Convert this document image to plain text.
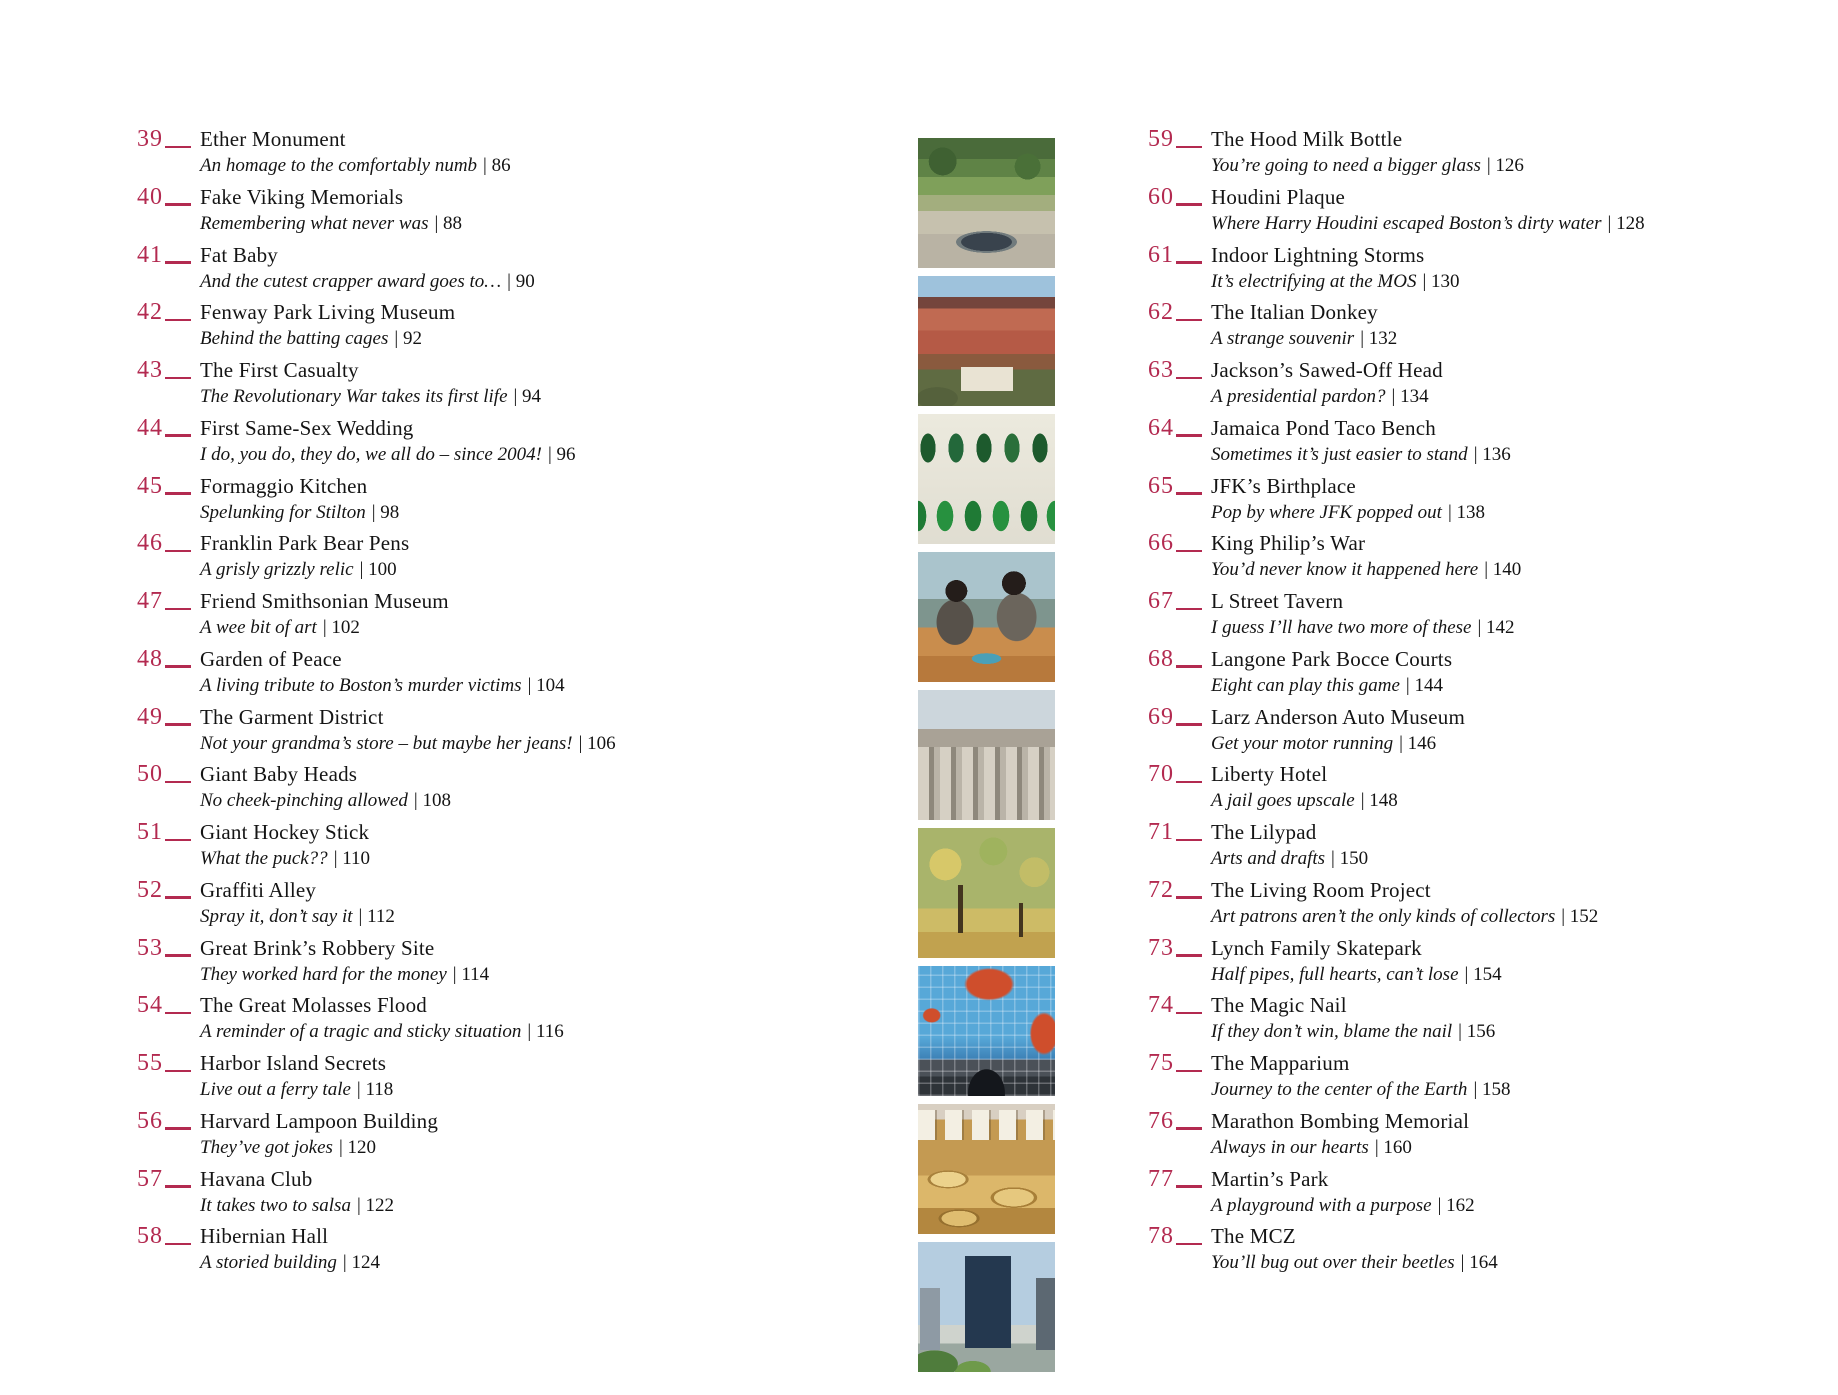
39 Ether Monument
An homage to the comfortably numb | 86
40 Fake Viking Memorials
Remembering what never was | 88
41 Fat Baby
And the cutest crapper award goes to… | 90
42 Fenway Park Living Museum
Behind the batting cages | 92
43 The First Casualty
The Revolutionary War takes its first life | 94
44 First Same-Sex Wedding
I do, you do, they do, we all do – since 2004! | 96
45 Formaggio Kitchen
Spelunking for Stilton | 98
46 Franklin Park Bear Pens
A grisly grizzly relic | 100
47 Friend Smithsonian Museum
A wee bit of art | 102
48 Garden of Peace
A living tribute to Boston’s murder victims | 104
49 The Garment District
Not your grandma’s store – but maybe her jeans! | 106
50 Giant Baby Heads
No cheek-pinching allowed | 108
51 Giant Hockey Stick
What the puck?? | 110
52 Graffiti Alley
Spray it, don’t say it | 112
53 Great Brink’s Robbery Site
They worked hard for the money | 114
54 The Great Molasses Flood
A reminder of a tragic and sticky situation | 116
55 Harbor Island Secrets
Live out a ferry tale | 118
56 Harvard Lampoon Building
They’ve got jokes | 120
57 Havana Club
It takes two to salsa | 122
58 Hibernian Hall
A storied building | 124
59 The Hood Milk Bottle
You’re going to need a bigger glass | 126
60 Houdini Plaque
Where Harry Houdini escaped Boston’s dirty water | 128
61 Indoor Lightning Storms
It’s electrifying at the MOS | 130
62 The Italian Donkey
A strange souvenir | 132
63 Jackson’s Sawed-Off Head
A presidential pardon? | 134
64 Jamaica Pond Taco Bench
Sometimes it’s just easier to stand | 136
65 JFK’s Birthplace
Pop by where JFK popped out | 138
66 King Philip’s War
You’d never know it happened here | 140
67 L Street Tavern
I guess I’ll have two more of these | 142
68 Langone Park Bocce Courts
Eight can play this game | 144
69 Larz Anderson Auto Museum
Get your motor running | 146
70 Liberty Hotel
A jail goes upscale | 148
71 The Lilypad
Arts and drafts | 150
72 The Living Room Project
Art patrons aren’t the only kinds of collectors | 152
73 Lynch Family Skatepark
Half pipes, full hearts, can’t lose | 154
74 The Magic Nail
If they don’t win, blame the nail | 156
75 The Mapparium
Journey to the center of the Earth | 158
76 Marathon Bombing Memorial
Always in our hearts | 160
77 Martin’s Park
A playground with a purpose | 162
78 The MCZ
You’ll bug out over their beetles | 164
